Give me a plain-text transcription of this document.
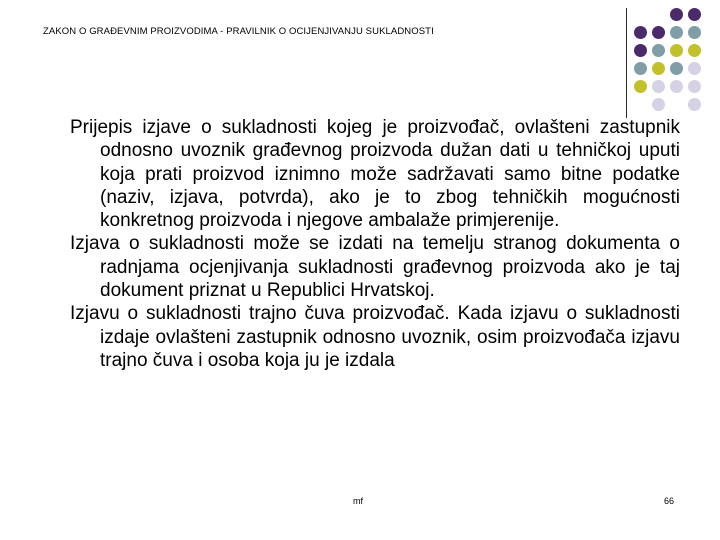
ZAKON O GRAĐEVNIM PROIZVODIMA - PRAVILNIK O OCIJENJIVANJU SUKLADNOSTI

Prijepis izjave o sukladnosti kojeg je proizvođač, ovlašteni zastupnik odnosno uvoznik građevnog proizvoda dužan dati u tehničkoj uputi koja prati proizvod iznimno može sadržavati samo bitne podatke (naziv, izjava, potvrda), ako je to zbog tehničkih mogućnosti konkretnog proizvoda i njegove ambalaže primjerenije.

Izjava o sukladnosti može se izdati na temelju stranog dokumenta o radnjama ocjenjivanja sukladnosti građevnog proizvoda ako je taj dokument priznat u Republici Hrvatskoj.

Izjavu o sukladnosti trajno čuva proizvođač. Kada izjavu o sukladnosti izdaje ovlašteni zastupnik odnosno uvoznik, osim proizvođača izjavu trajno čuva i osoba koja ju je izdala

mf	66
